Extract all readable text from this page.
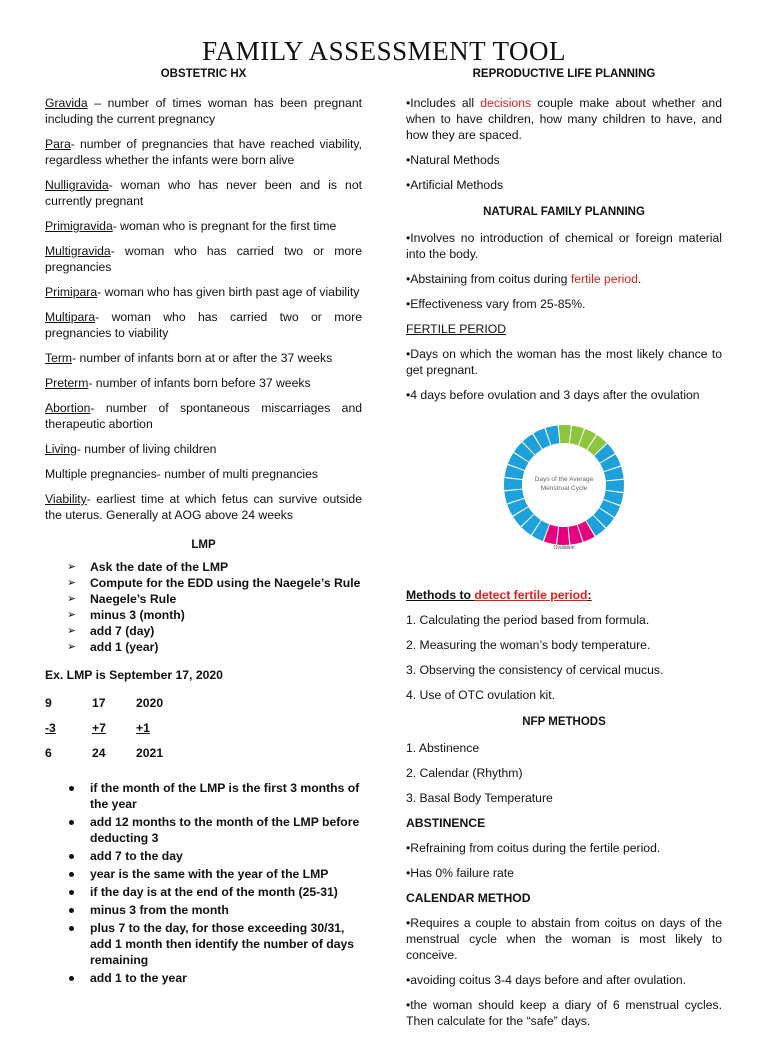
FAMILY ASSESSMENT TOOL
OBSTETRIC HX
Gravida – number of times woman has been pregnant including the current pregnancy
Para- number of pregnancies that have reached viability, regardless whether the infants were born alive
Nulligravida- woman who has never been and is not currently pregnant
Primigravida- woman who is pregnant for the first time
Multigravida- woman who has carried two or more pregnancies
Primipara- woman who has given birth past age of viability
Multipara- woman who has carried two or more pregnancies to viability
Term- number of infants born at or after the 37 weeks
Preterm- number of infants born before 37 weeks
Abortion- number of spontaneous miscarriages and therapeutic abortion
Living- number of living children
Multiple pregnancies- number of multi pregnancies
Viability- earliest time at which fetus can survive outside the uterus. Generally at AOG above 24 weeks
LMP
➢ Ask the date of the LMP
➢ Compute for the EDD using the Naegele’s Rule
➢ Naegele’s Rule
➢ minus 3 (month)
➢ add 7 (day)
➢ add 1 (year)
Ex. LMP is September 17, 2020
9	17	2020
-3	+7	+1
6	24	2021
if the month of the LMP is the first 3 months of the year
add 12 months to the month of the LMP before deducting 3
add 7 to the day
year is the same with the year of the LMP
if the day is at the end of the month (25-31)
minus 3 from the month
plus 7 to the day, for those exceeding 30/31, add 1 month then identify the number of days remaining
add 1 to the year
REPRODUCTIVE LIFE PLANNING
•Includes all decisions couple make about whether and when to have children, how many children to have, and how they are spaced.
•Natural Methods
•Artificial Methods
NATURAL FAMILY PLANNING
•Involves no introduction of chemical or foreign material into the body.
•Abstaining from coitus during fertile period.
•Effectiveness vary from 25-85%.
FERTILE PERIOD
•Days on which the woman has the most likely chance to get pregnant.
•4 days before ovulation and 3 days after the ovulation
Days of the Average
Menstrual Cycle
Ovulation
Methods to detect fertile period:
1. Calculating the period based from formula.
2. Measuring the woman’s body temperature.
3. Observing the consistency of cervical mucus.
4. Use of OTC ovulation kit.
NFP METHODS
1. Abstinence
2. Calendar (Rhythm)
3. Basal Body Temperature
ABSTINENCE
•Refraining from coitus during the fertile period.
•Has 0% failure rate
CALENDAR METHOD
•Requires a couple to abstain from coitus on days of the menstrual cycle when the woman is most likely to conceive.
•avoiding coitus 3-4 days before and after ovulation.
•the woman should keep a diary of 6 menstrual cycles. Then calculate for the “safe” days.
